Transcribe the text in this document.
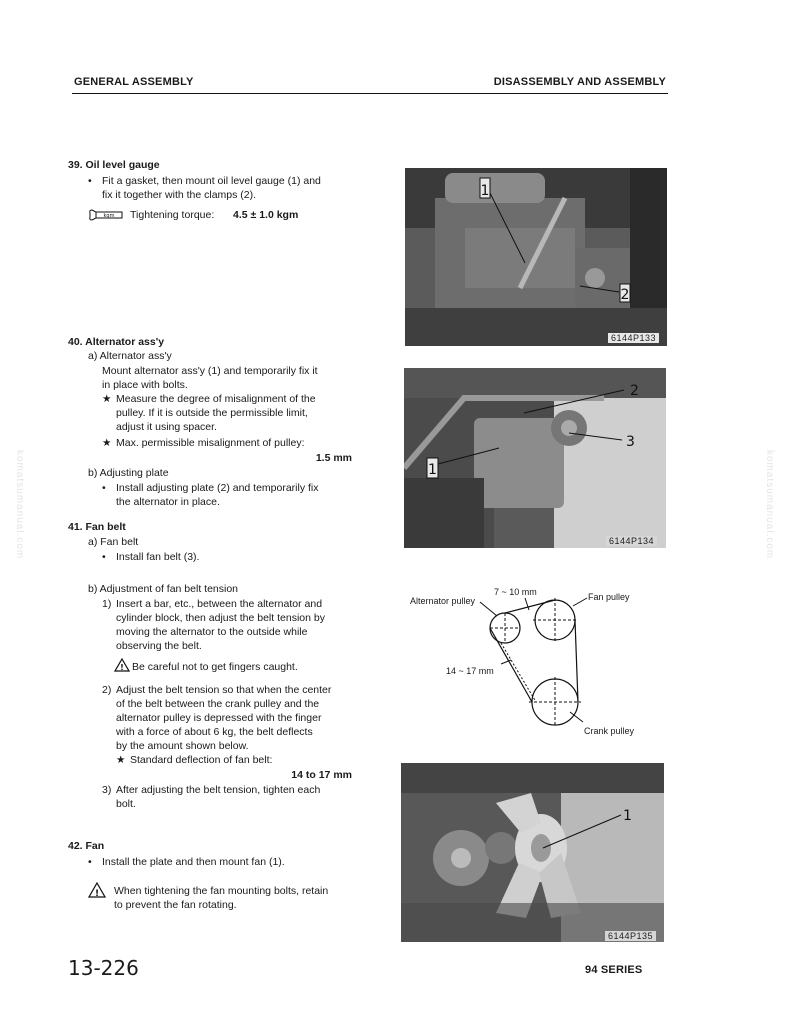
GENERAL ASSEMBLY	DISASSEMBLY AND ASSEMBLY
komatsumanual.com	komatsumanual.com
39. Oil level gauge
• Fit a gasket, then mount oil level gauge (1) and
fix it together with the clamps (2).
kgm Tightening torque: 4.5 ± 1.0 kgm
40. Alternator ass'y
a) Alternator ass'y
Mount alternator ass'y (1) and temporarily fix it
in place with bolts.
★ Measure the degree of misalignment of the
pulley. If it is outside the permissible limit,
adjust it using spacer.
★ Max. permissible misalignment of pulley:
1.5 mm
b) Adjusting plate
• Install adjusting plate (2) and temporarily fix
the alternator in place.
41. Fan belt
a) Fan belt
• Install fan belt (3).
b) Adjustment of fan belt tension
1) Insert a bar, etc., between the alternator and
cylinder block, then adjust the belt tension by
moving the alternator to the outside while
observing the belt.
! Be careful not to get fingers caught.
2) Adjust the belt tension so that when the center
of the belt between the crank pulley and the
alternator pulley is depressed with the finger
with a force of about 6 kg, the belt deflects
by the amount shown below.
★ Standard deflection of fan belt:
14 to 17 mm
3) After adjusting the belt tension, tighten each
bolt.
42. Fan
• Install the plate and then mount fan (1).
! When tightening the fan mounting bolts, retain
to prevent the fan rotating.
1
2
6144P133
2
3
1
6144P134
7 ~ 10 mm
Alternator pulley	Fan pulley
14 ~ 17 mm
Crank pulley
1
6144P135
13-226	94 SERIES
